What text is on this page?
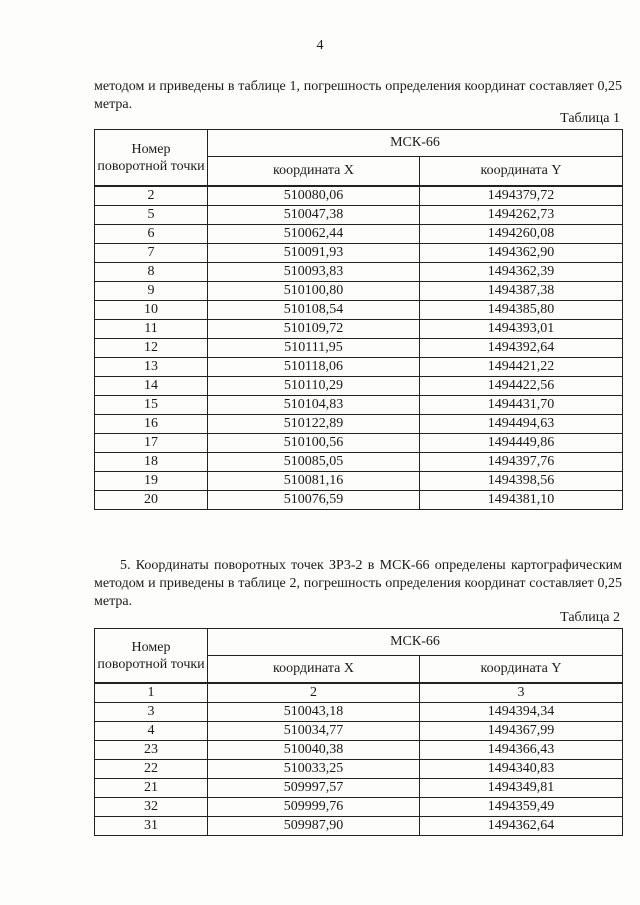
4
методом и приведены в таблице 1, погрешность определения координат составляет 0,25 метра.
Таблица 1
Номер поворотной точки	МСК-66	
	координата X	координата Y
2	510080,06	1494379,72
5	510047,38	1494262,73
6	510062,44	1494260,08
7	510091,93	1494362,90
8	510093,83	1494362,39
9	510100,80	1494387,38
10	510108,54	1494385,80
11	510109,72	1494393,01
12	510111,95	1494392,64
13	510118,06	1494421,22
14	510110,29	1494422,56
15	510104,83	1494431,70
16	510122,89	1494494,63
17	510100,56	1494449,86
18	510085,05	1494397,76
19	510081,16	1494398,56
20	510076,59	1494381,10
5. Координаты поворотных точек ЗР3-2 в МСК-66 определены картографическим методом и приведены в таблице 2, погрешность определения координат составляет 0,25 метра.
Таблица 2
Номер поворотной точки	МСК-66	
	координата X	координата Y
1	2	3
3	510043,18	1494394,34
4	510034,77	1494367,99
23	510040,38	1494366,43
22	510033,25	1494340,83
21	509997,57	1494349,81
32	509999,76	1494359,49
31	509987,90	1494362,64
